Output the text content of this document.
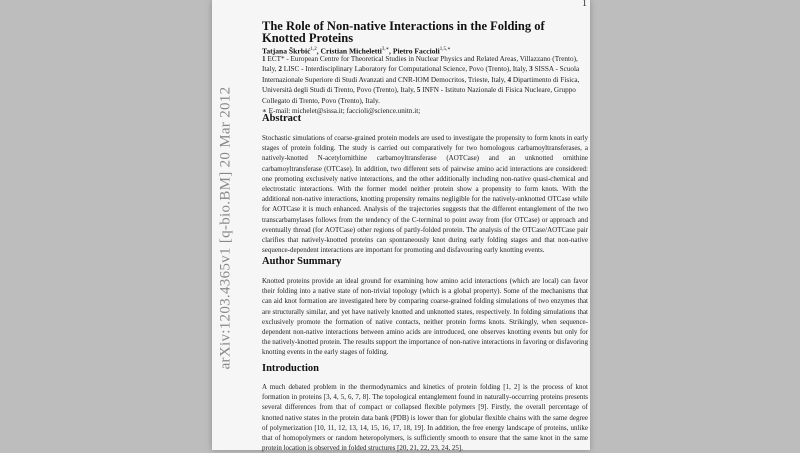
arXiv:1203.4365v1 [q-bio.BM] 20 Mar 2012
1
The Role of Non-native Interactions in the Folding of Knotted Proteins
Tatjana Škrbić$^{1,2}$, Cristian Micheletti$^{3,∗}$, Pietro Faccioli$^{1,5,∗}$
1 ECT* - European Centre for Theoretical Studies in Nuclear Physics and Related Areas, Villazzano (Trento), Italy, 2 LISC - Interdisciplinary Laboratory for Computational Science, Povo (Trento), Italy, 3 SISSA - Scuola Internazionale Superiore di Studi Avanzati and CNR-IOM Democritos, Trieste, Italy, 4 Dipartimento di Fisica, Università degli Studi di Trento, Povo (Trento), Italy, 5 INFN - Istituto Nazionale di Fisica Nucleare, Gruppo Collegato di Trento, Povo (Trento), Italy.
∗ E-mail: michelet@sissa.it; faccioli@science.unitn.it;
Abstract
Stochastic simulations of coarse-grained protein models are used to investigate the propensity to form knots in early stages of protein folding. The study is carried out comparatively for two homologous carbamoyltransferases, a natively-knotted N-acetylornithine carbamoyltransferase (AOTCase) and an unknotted ornithine carbamoyltransferase (OTCase). In addition, two different sets of pairwise amino acid interactions are considered: one promoting exclusively native interactions, and the other additionally including non-native quasi-chemical and electrostatic interactions. With the former model neither protein show a propensity to form knots. With the additional non-native interactions, knotting propensity remains negligible for the natively-unknotted OTCase while for AOTCase it is much enhanced. Analysis of the trajectories suggests that the different entanglement of the two transcarbamylases follows from the tendency of the C-terminal to point away from (for OTCase) or approach and eventually thread (for AOTCase) other regions of partly-folded protein. The analysis of the OTCase/AOTCase pair clarifies that natively-knotted proteins can spontaneously knot during early folding stages and that non-native sequence-dependent interactions are important for promoting and disfavouring early knotting events.
Author Summary
Knotted proteins provide an ideal ground for examining how amino acid interactions (which are local) can favor their folding into a native state of non-trivial topology (which is a global property). Some of the mechanisms that can aid knot formation are investigated here by comparing coarse-grained folding simulations of two enzymes that are structurally similar, and yet have natively knotted and unknotted states, respectively. In folding simulations that exclusively promote the formation of native contacts, neither protein forms knots. Strikingly, when sequence-dependent non-native interactions between amino acids are introduced, one observes knotting events but only for the natively-knotted protein. The results support the importance of non-native interactions in favoring or disfavoring knotting events in the early stages of folding.
Introduction
A much debated problem in the thermodynamics and kinetics of protein folding [1, 2] is the process of knot formation in proteins [3, 4, 5, 6, 7, 8]. The topological entanglement found in naturally-occurring proteins presents several differences from that of compact or collapsed flexible polymers [9]. Firstly, the overall percentage of knotted native states in the protein data bank (PDB) is lower than for globular flexible chains with the same degree of polymerization [10, 11, 12, 13, 14, 15, 16, 17, 18, 19]. In addition, the free energy landscape of proteins, unlike that of homopolymers or random heteropolymers, is sufficiently smooth to ensure that the same knot in the same protein location is observed in folded structures [20, 21, 22, 23, 24, 25].
